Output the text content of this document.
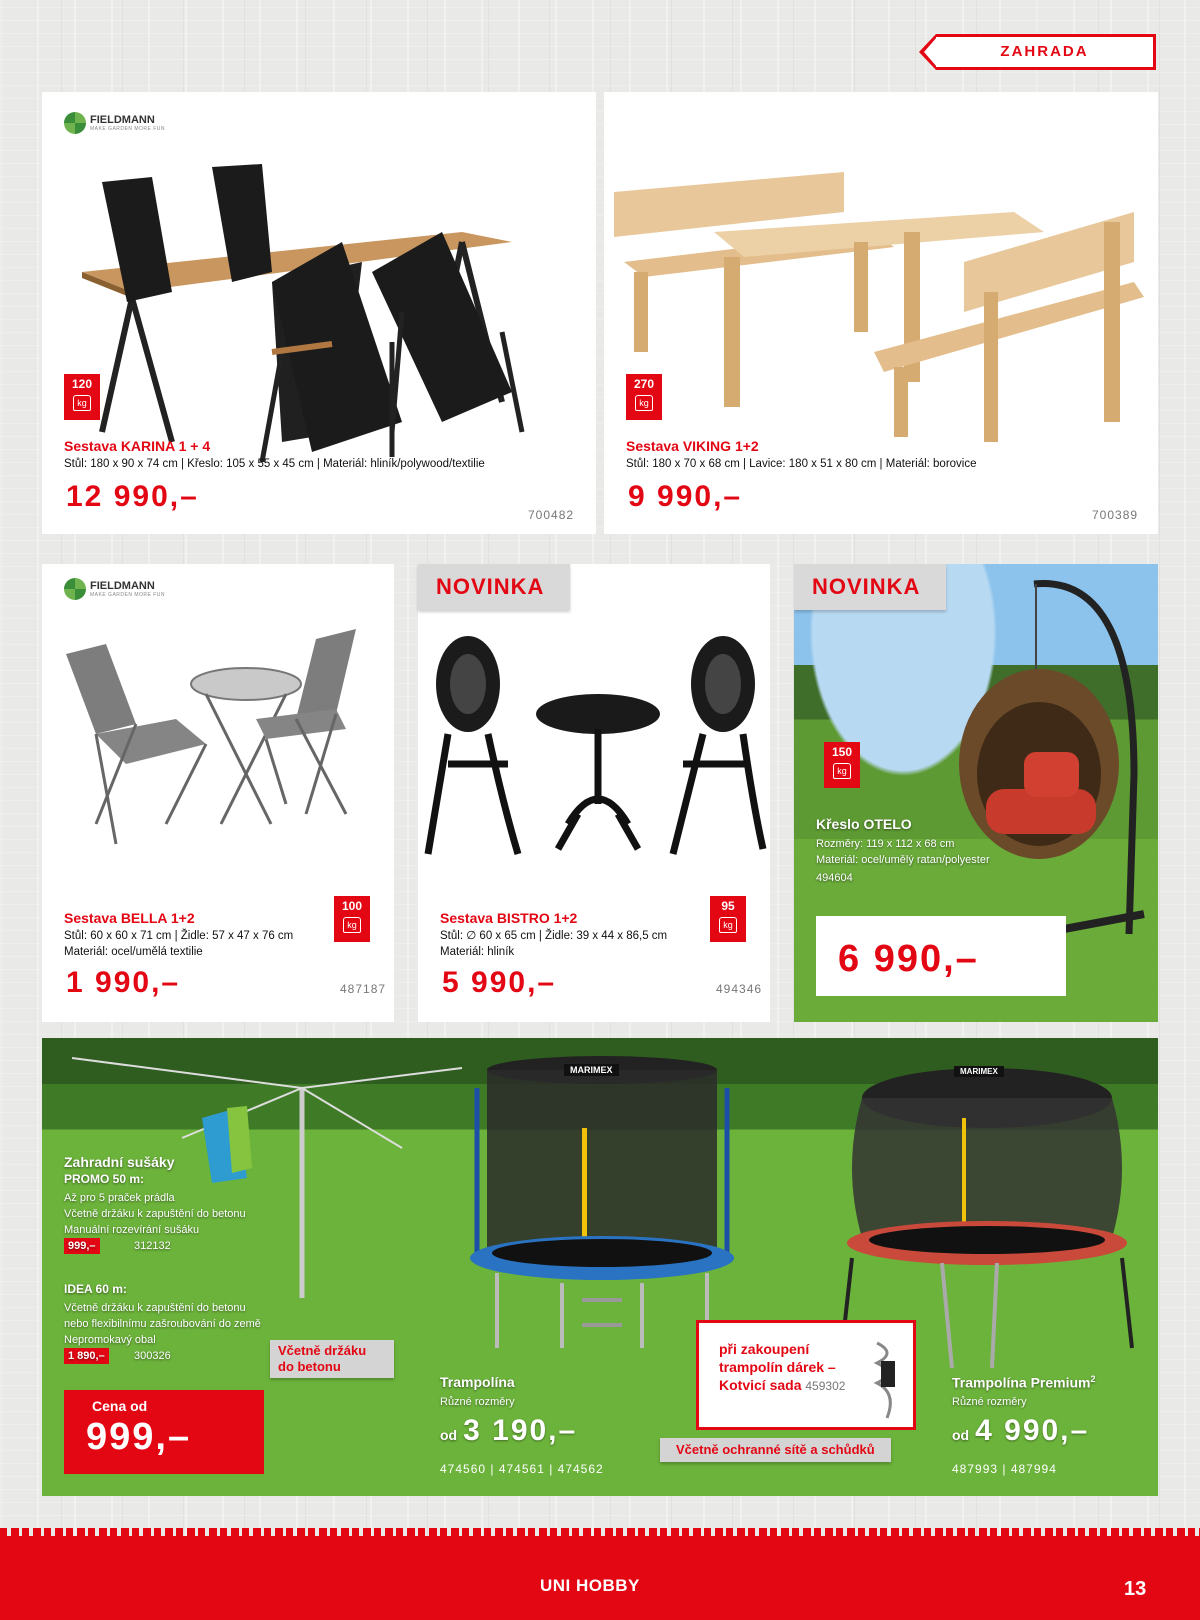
ZAHRADA
FIELDMANN
MAKE GARDEN MORE FUN
120
kg
Sestava KARINA 1 + 4
Stůl: 180 x 90 x 74 cm | Křeslo: 105 x 55 x 45 cm | Materiál: hliník/polywood/textilie
12 990,–
700482
270
kg
Sestava VIKING 1+2
Stůl: 180 x 70 x 68 cm | Lavice: 180 x 51 x 80 cm | Materiál: borovice
9 990,–
700389
FIELDMANN
MAKE GARDEN MORE FUN
100
kg
Sestava BELLA 1+2
Stůl: 60 x 60 x 71 cm | Židle: 57 x 47 x 76 cm
Materiál: ocel/umělá textilie
1 990,–	487187
NOVINKA
95
kg
Sestava BISTRO 1+2
Stůl: ∅ 60 x 65 cm | Židle: 39 x 44 x 86,5 cm
Materiál: hliník
5 990,–	494346
NOVINKA
150
kg
Křeslo OTELO
Rozměry: 119 x 112 x 68 cm
Materiál: ocel/umělý ratan/polyester
494604
6 990,–
MARIMEX	MARIMEX
Zahradní sušáky
PROMO 50 m:
Až pro 5 praček prádla
Včetně držáku k zapuštění do betonu
Manuální rozevírání sušáku
999,–	312132
IDEA 60 m:
Včetně držáku k zapuštění do betonu
nebo flexibilnímu zašroubování do země
Nepromokavý obal
1 890,–	300326	Včetně držáku
do betonu
Cena od
999,–
Trampolína
Různé rozměry
od 3 190,–
474560 | 474561 | 474562
při zakoupení
trampolín dárek –
Kotvicí sada 459302
Včetně ochranné sítě a schůdků
Trampolína Premium$^2$
Různé rozměry
od 4 990,–
487993 | 487994
UNI HOBBY	13
